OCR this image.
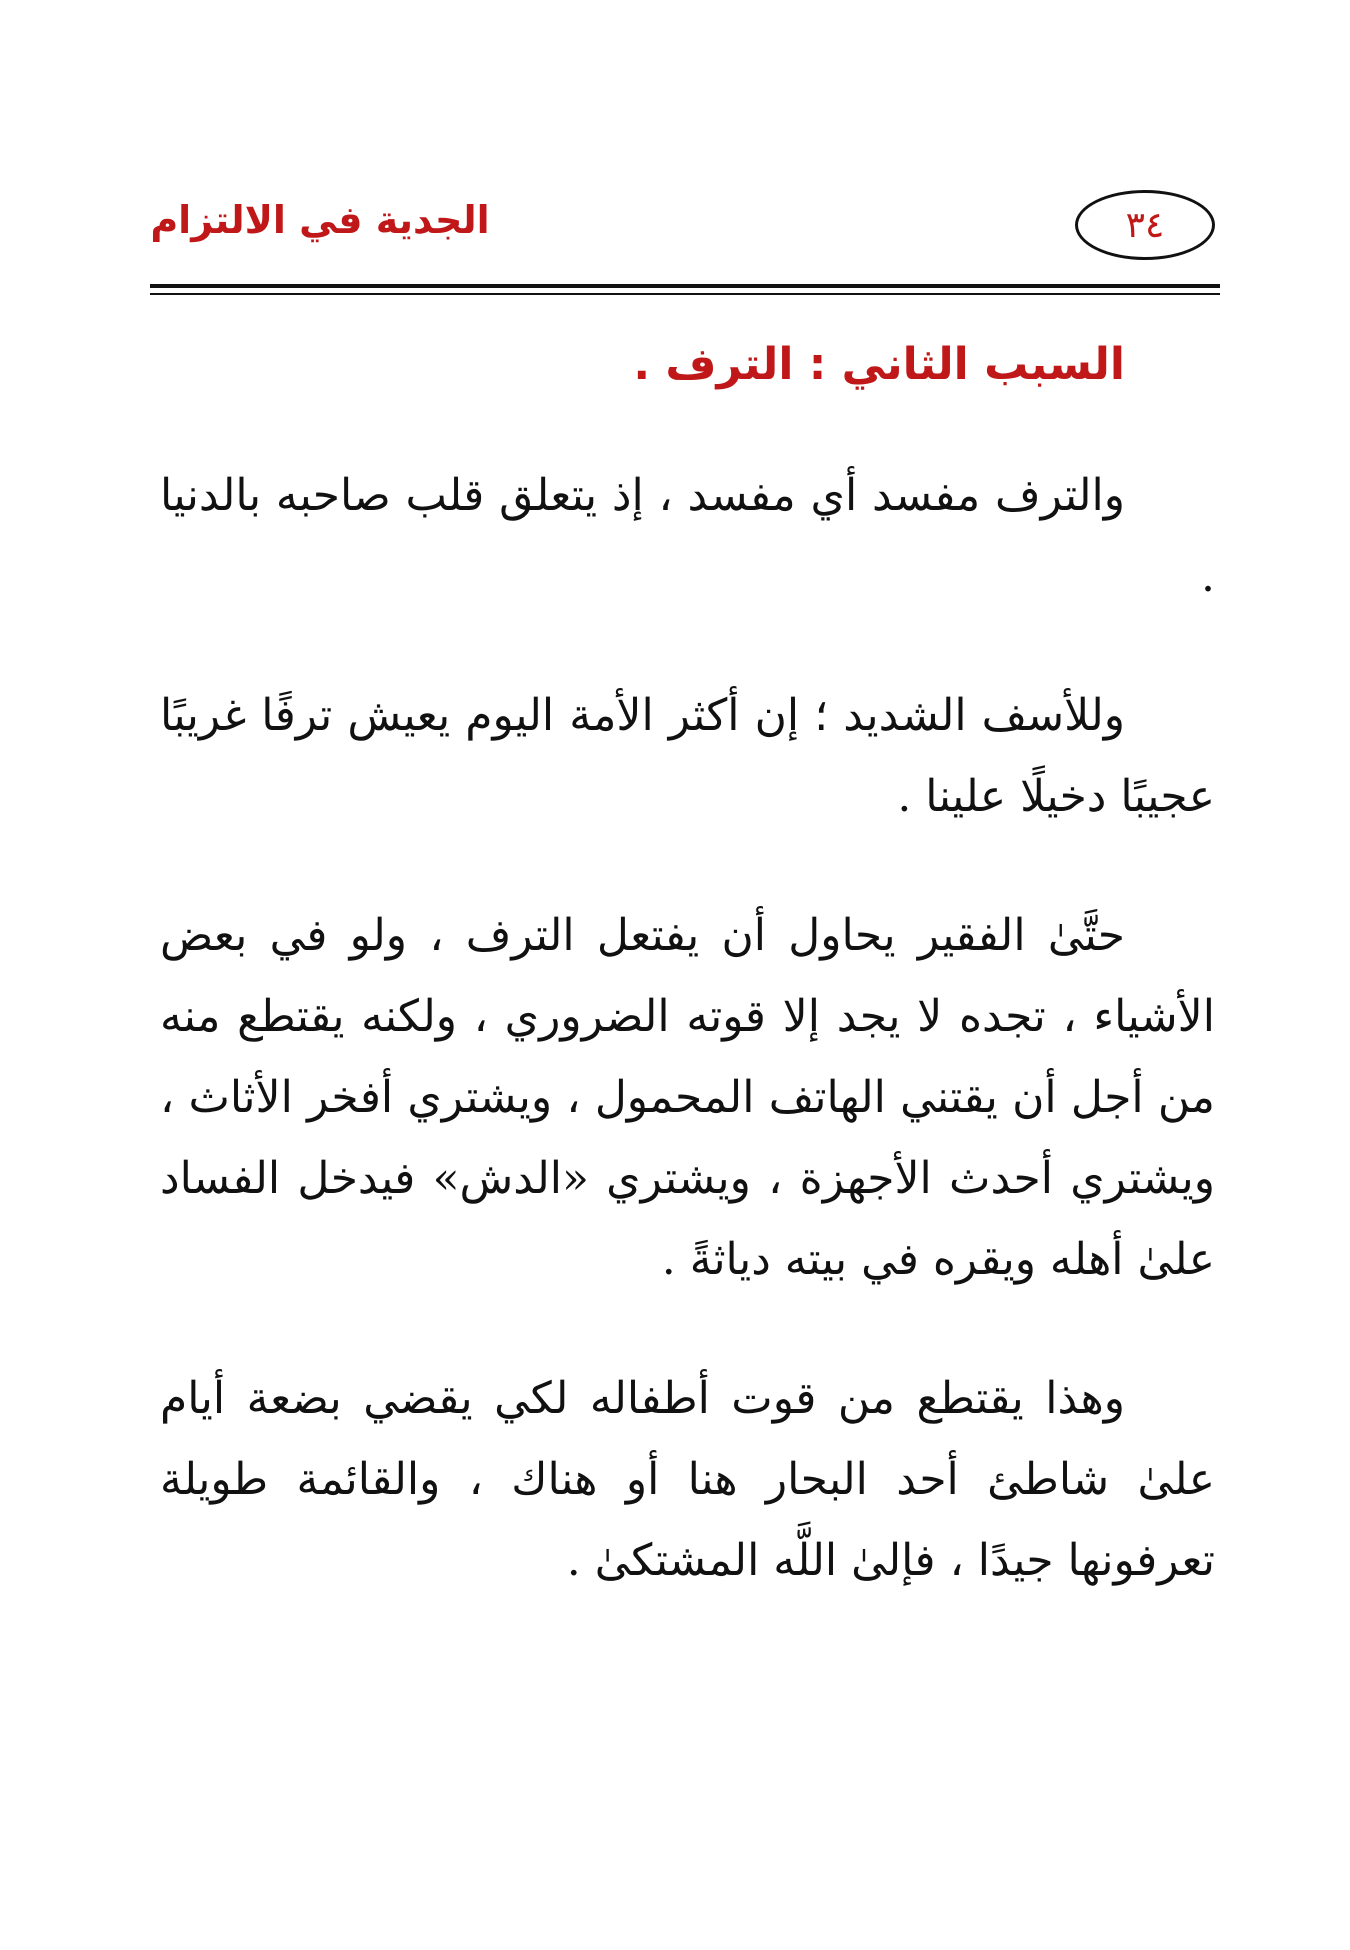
٣٤
الجدية في الالتزام
السبب الثاني : الترف .

والترف مفسد أي مفسد ، إذ يتعلق قلب صاحبه بالدنيا .

وللأسف الشديد ؛ إن أكثر الأمة اليوم يعيش ترفًا غريبًا عجيبًا دخيلًا علينا .

حتَّىٰ الفقير يحاول أن يفتعل الترف ، ولو في بعض الأشياء ، تجده لا يجد إلا قوته الضروري ، ولكنه يقتطع منه من أجل أن يقتني الهاتف المحمول ، ويشتري أفخر الأثاث ، ويشتري أحدث الأجهزة ، ويشتري «الدش» فيدخل الفساد علىٰ أهله ويقره في بيته دياثةً .

وهذا يقتطع من قوت أطفاله لكي يقضي بضعة أيام علىٰ شاطئ أحد البحار هنا أو هناك ، والقائمة طويلة تعرفونها جيدًا ، فإلىٰ اللَّه المشتكىٰ .
